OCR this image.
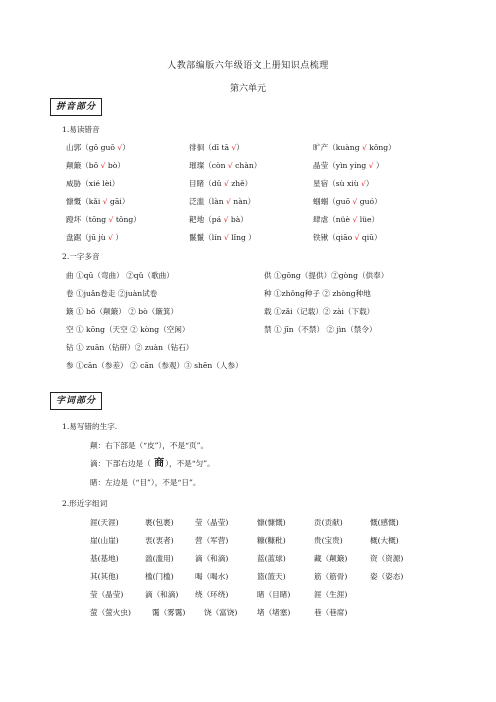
人教部编版六年级语文上册知识点梳理
第六单元
拼音部分
1.易读错音
山郭（gō guō √）	徘徊（dī tā √）	旷产（kuàng √ kǒng）
颠簸（bǒ √ bò）	璀璨（còn √ chàn）	晶莹（yìn yíng √ ）
威胁（xié lèi）	目睹（dǔ √ zhě）	星宿（sù xiù √）
慷慨（kǎi √ gāi）	泛滥（làn √ nàn）	蝈蝈（guō √ guó）
蹬坏（tōng √ tǒng）	耙地（pá √ bà）	肆虐（nüè √ lüe）
盘踞（jū jù √ ）	鬣鬣（lín √ lǐng ）	铁锹（qiāo √ qiū）
2.一字多音
曲 ①qū（弯曲） ②qǔ（歌曲）	供 ①gōng（提供）②gòng（供奉）
卷 ①juǎn卷走 ②juàn试卷	种 ①zhǒng种子 ② zhòng种地
簸 ① bō（颠簸） ② bò（簸箕）	载 ①zǎi（记载）② zài（下载）
空 ① kōng（天空 ② kòng（空闲）	禁 ① jīn（不禁） ② jìn（禁令）
钻 ① zuān（钻研）② zuàn（钻石）
参 ①cān（参差） ② cān（参观）③ shēn（人参）
字词部分
1.易写错的生字.
颠：右下部是（“皮”），不是“页”。
滴：下部右边是（ 商），不是“匀”。
睹：左边是（“目”），不是“日”。
2.形近字组词
涯(天涯)	裹(包裹)	莹（晶莹)	慷(慷慨)	贡(贡献)	慨(感慨)
崖(山崖)	衷(衷者)	营（军营)	糠(糠秕)	贵(宝贵)	概(大概)
基(基地)	滥(滥用)	滴（和滴)	蓝(蓝球)	藏（颠簸)	资（资源)
其(其他)	槛(门槛)	喝（喝水)	篮(篮天)	筋（筋骨)	姿（姿态)
莹（晶莹)	滴（和滴) 绕（环绕)	睹（目睹)	涯（生涯)
萤（萤火虫)	霭（雾霭) 饶（富饶)	堵（堵塞)	巷（巷席)
